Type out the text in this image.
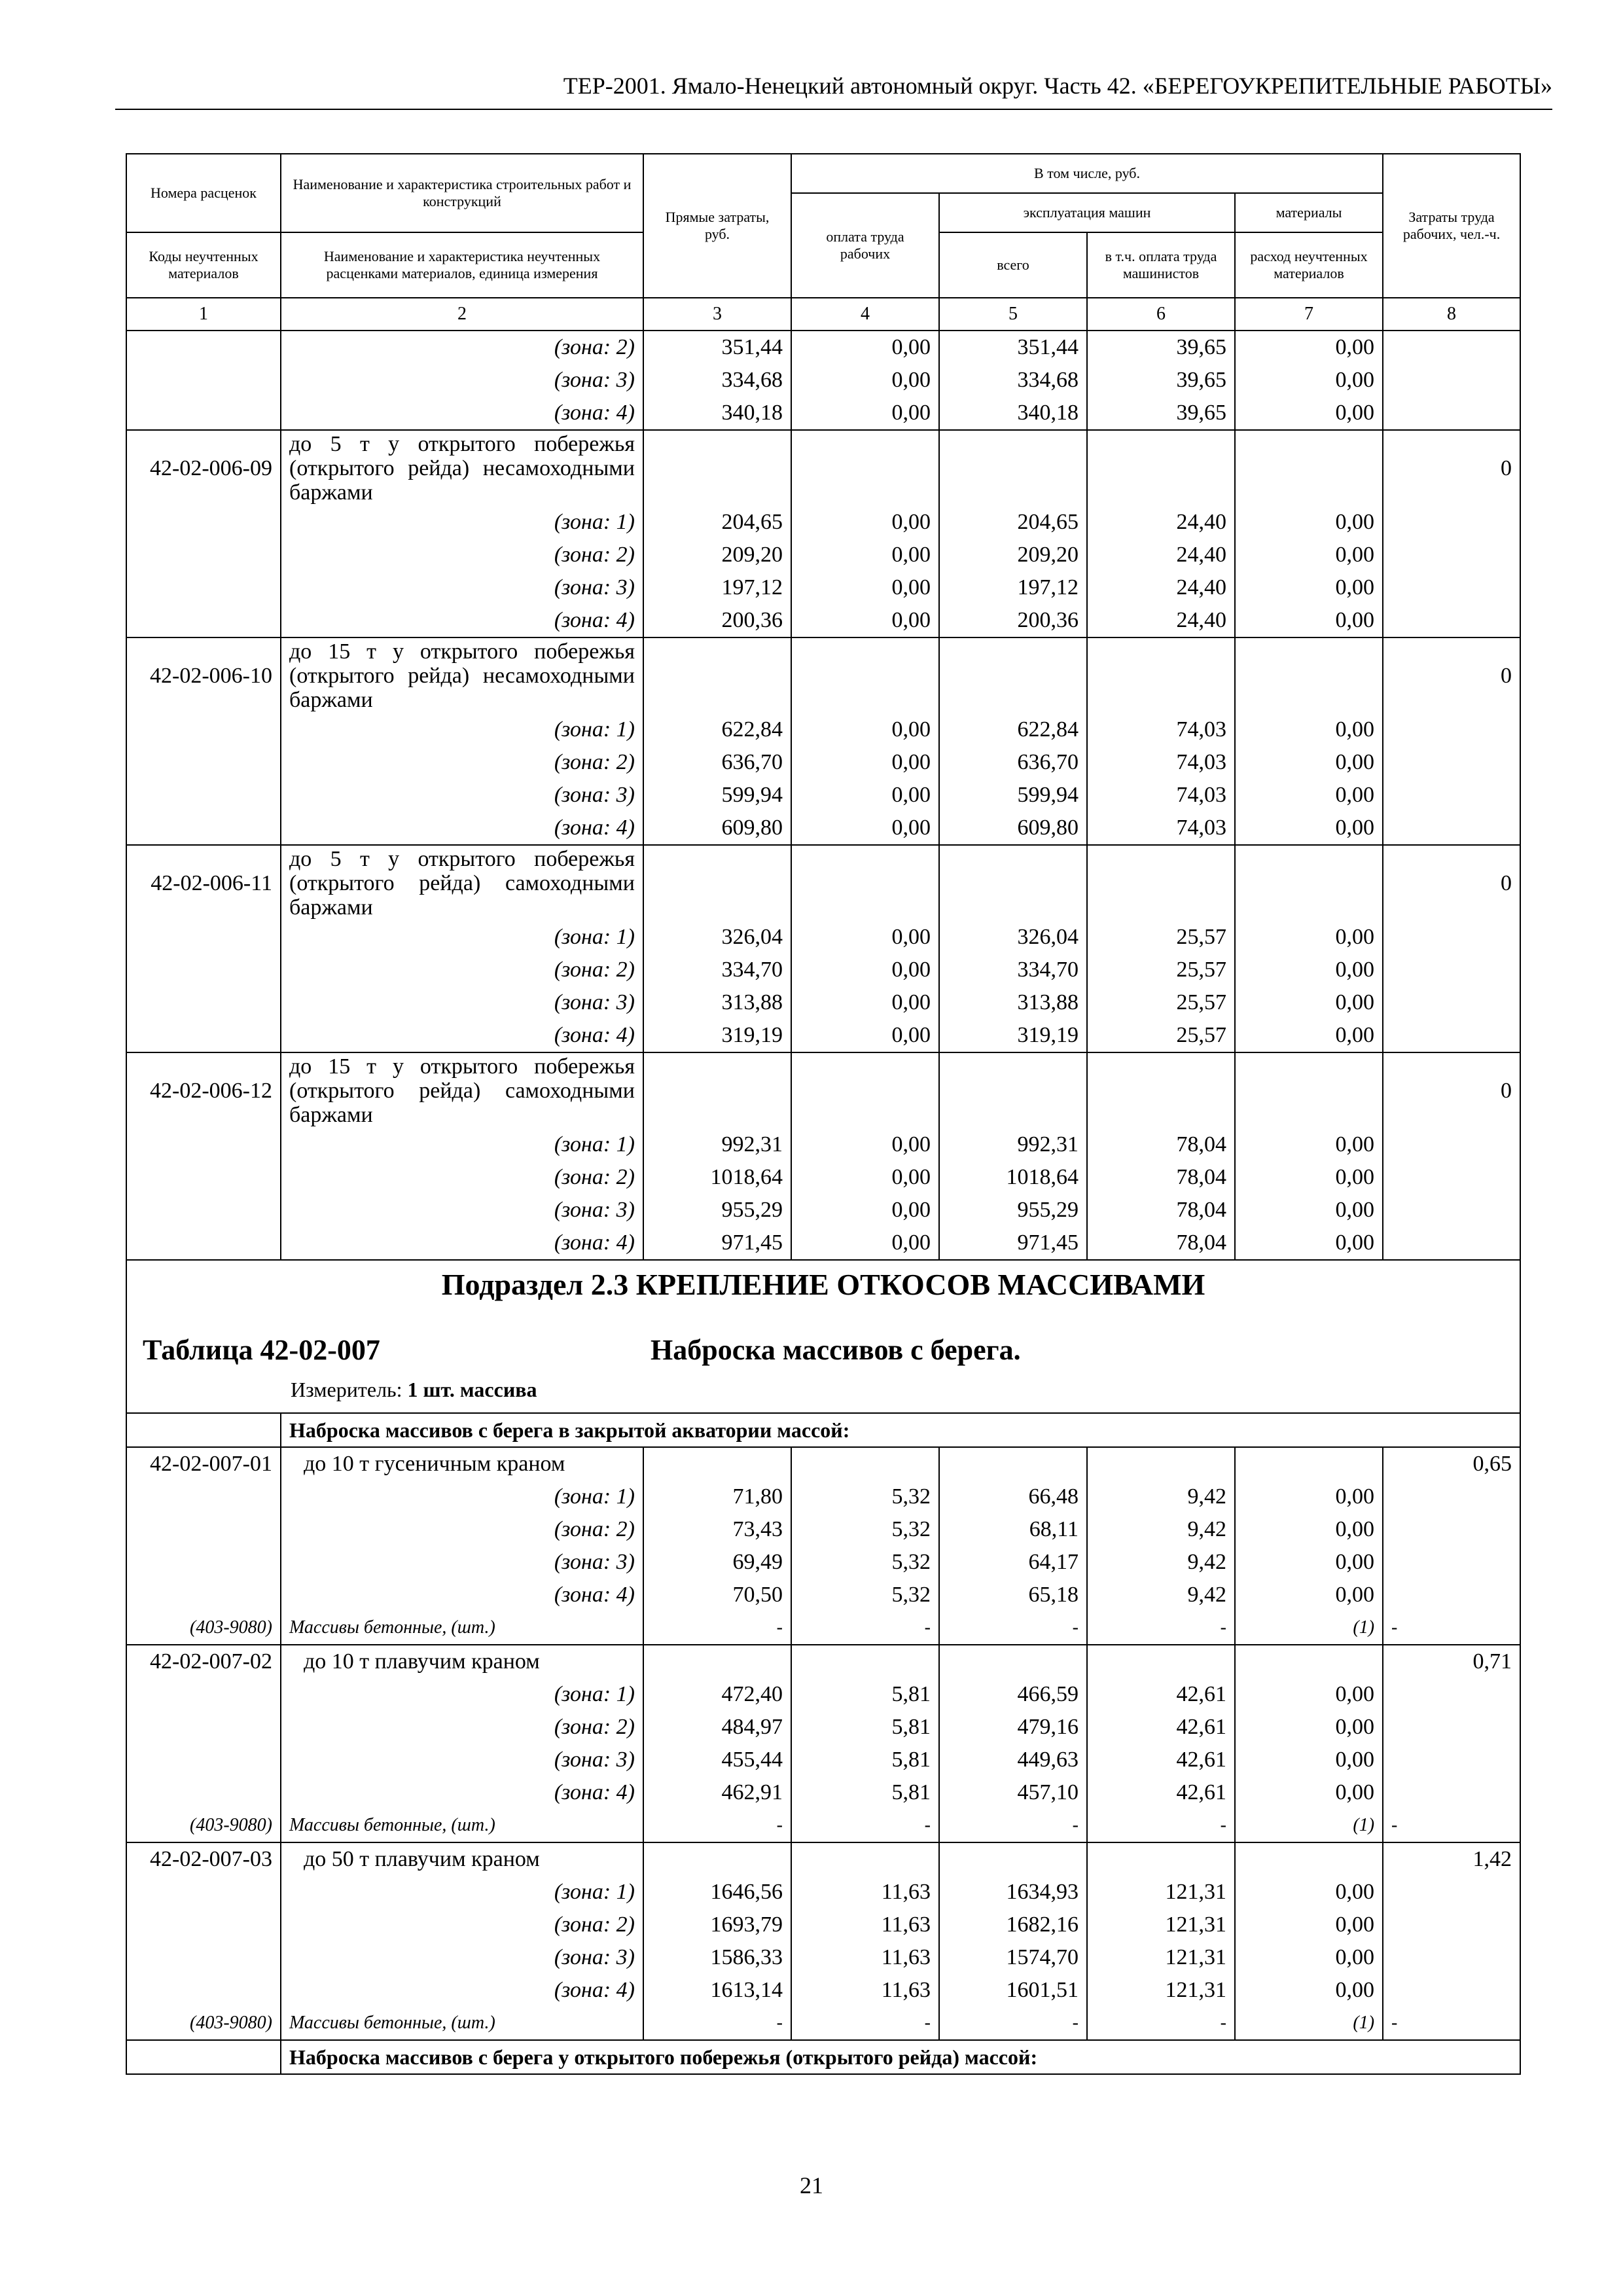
ТЕР-2001. Ямало-Ненецкий автономный округ. Часть 42. «БЕРЕГОУКРЕПИТЕЛЬНЫЕ РАБОТЫ»
Номера расценок	Наименование и характеристика строительных работ и конструкций	Прямые затраты, руб.	В том числе, руб.				Затраты труда рабочих, чел.-ч.
			оплата труда рабочих	эксплуатация машин		материалы	
Коды неучтенных материалов	Наименование и характеристика неучтенных расценками материалов, единица измерения			всего	в т.ч. оплата труда машинистов	расход неучтенных материалов	
1	2	3	4	5	6	7	8
	(зона: 2)	351,44	0,00	351,44	39,65	0,00	
	(зона: 3)	334,68	0,00	334,68	39,65	0,00	
	(зона: 4)	340,18	0,00	340,18	39,65	0,00	
42-02-006-09	до 5 т у открытого побережья (открытого рейда) несамоходными баржами						0
	(зона: 1)	204,65	0,00	204,65	24,40	0,00	
	(зона: 2)	209,20	0,00	209,20	24,40	0,00	
	(зона: 3)	197,12	0,00	197,12	24,40	0,00	
	(зона: 4)	200,36	0,00	200,36	24,40	0,00	
42-02-006-10	до 15 т у открытого побережья (открытого рейда) несамоходными баржами						0
	(зона: 1)	622,84	0,00	622,84	74,03	0,00	
	(зона: 2)	636,70	0,00	636,70	74,03	0,00	
	(зона: 3)	599,94	0,00	599,94	74,03	0,00	
	(зона: 4)	609,80	0,00	609,80	74,03	0,00	
42-02-006-11	до 5 т у открытого побережья (открытого рейда) самоходными баржами						0
	(зона: 1)	326,04	0,00	326,04	25,57	0,00	
	(зона: 2)	334,70	0,00	334,70	25,57	0,00	
	(зона: 3)	313,88	0,00	313,88	25,57	0,00	
	(зона: 4)	319,19	0,00	319,19	25,57	0,00	
42-02-006-12	до 15 т у открытого побережья (открытого рейда) самоходными баржами						0
	(зона: 1)	992,31	0,00	992,31	78,04	0,00	
	(зона: 2)	1018,64	0,00	1018,64	78,04	0,00	
	(зона: 3)	955,29	0,00	955,29	78,04	0,00	
	(зона: 4)	971,45	0,00	971,45	78,04	0,00	

Подраздел 2.3 КРЕПЛЕНИЕ ОТКОСОВ МАССИВАМИ
Таблица 42-02-007 Наброска массивов с берега.
Измеритель: 1 шт. массива							

	Наброска массивов с берега в закрытой акватории массой:						
42-02-007-01	до 10 т гусеничным краном						0,65
	(зона: 1)	71,80	5,32	66,48	9,42	0,00	
	(зона: 2)	73,43	5,32	68,11	9,42	0,00	
	(зона: 3)	69,49	5,32	64,17	9,42	0,00	
	(зона: 4)	70,50	5,32	65,18	9,42	0,00	
(403-9080)	Массивы бетонные, (шт.)	-	-	-	-	(1)	-
42-02-007-02	до 10 т плавучим краном						0,71
	(зона: 1)	472,40	5,81	466,59	42,61	0,00	
	(зона: 2)	484,97	5,81	479,16	42,61	0,00	
	(зона: 3)	455,44	5,81	449,63	42,61	0,00	
	(зона: 4)	462,91	5,81	457,10	42,61	0,00	
(403-9080)	Массивы бетонные, (шт.)	-	-	-	-	(1)	-
42-02-007-03	до 50 т плавучим краном						1,42
	(зона: 1)	1646,56	11,63	1634,93	121,31	0,00	
	(зона: 2)	1693,79	11,63	1682,16	121,31	0,00	
	(зона: 3)	1586,33	11,63	1574,70	121,31	0,00	
	(зона: 4)	1613,14	11,63	1601,51	121,31	0,00	
(403-9080)	Массивы бетонные, (шт.)	-	-	-	-	(1)	-
	Наброска массивов с берега у открытого побережья (открытого рейда) массой:						
21
